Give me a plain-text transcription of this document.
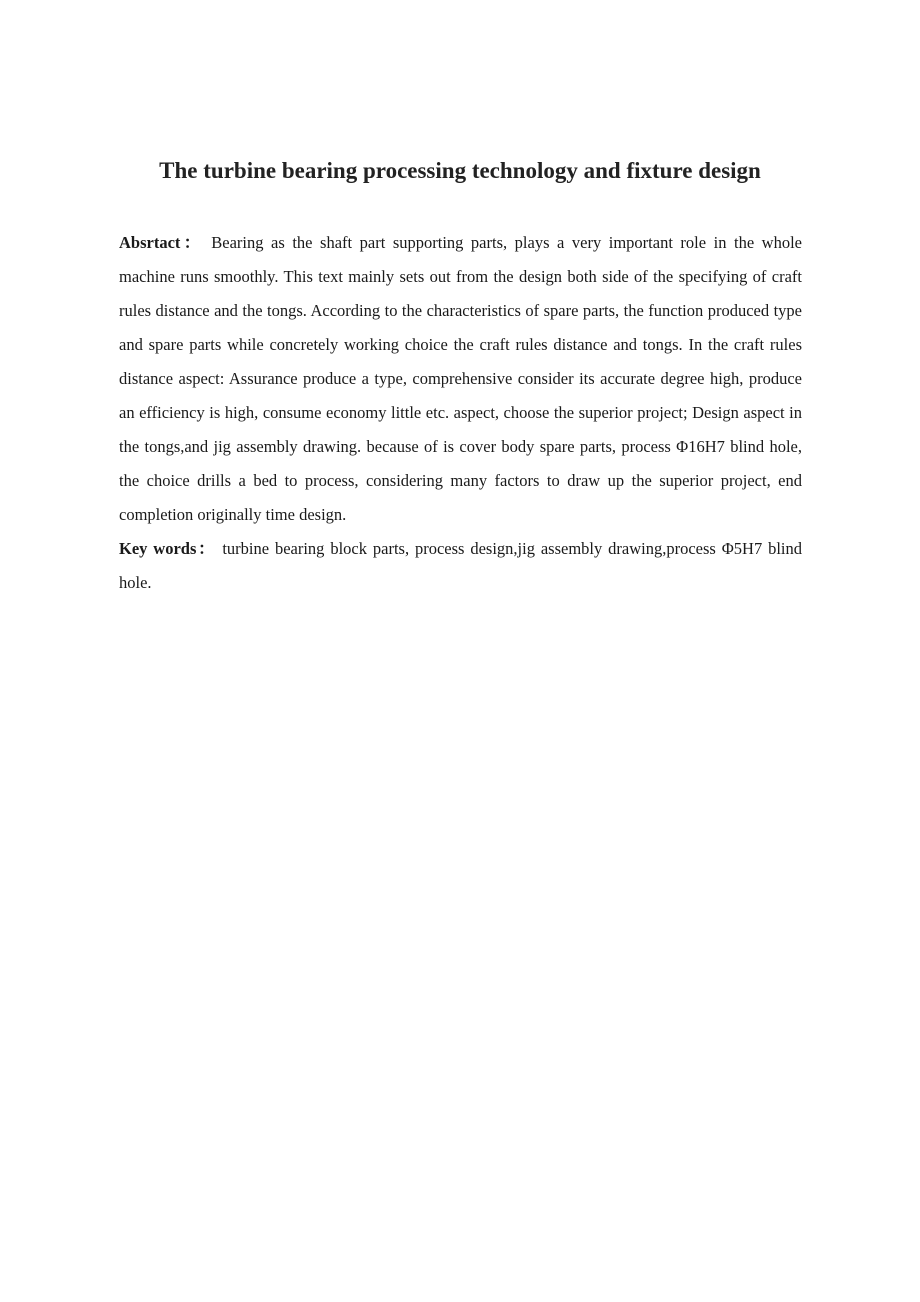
The turbine bearing processing technology and fixture design

Absrtact： Bearing as the shaft part supporting parts, plays a very important role in the whole machine runs smoothly. This text mainly sets out from the design both side of the specifying of craft rules distance and the tongs. According to the characteristics of spare parts, the function produced type and spare parts while concretely working choice the craft rules distance and tongs. In the craft rules distance aspect: Assurance produce a type, comprehensive consider its accurate degree high, produce an efficiency is high, consume economy little etc. aspect, choose the superior project; Design aspect in the tongs,and jig assembly drawing. because of is cover body spare parts, process Φ16H7 blind hole, the choice drills a bed to process, considering many factors to draw up the superior project, end completion originally time design.

Key words： turbine bearing block parts, process design,jig assembly drawing,process Φ5H7 blind hole.
